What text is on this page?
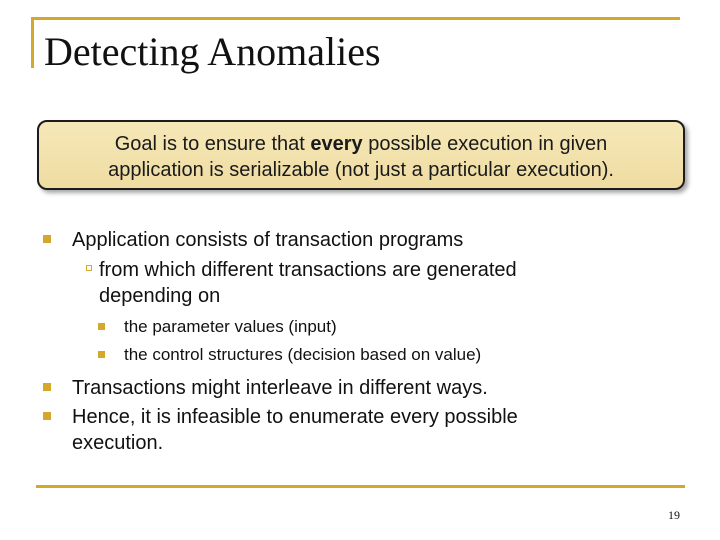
Detecting Anomalies
Goal is to ensure that every possible execution in given
application is serializable (not just a particular execution).
Application consists of transaction programs
from which different transactions are generated
depending on
the parameter values (input)
the control structures (decision based on value)
Transactions might interleave in different ways.
Hence, it is infeasible to enumerate every possible
execution.
19
